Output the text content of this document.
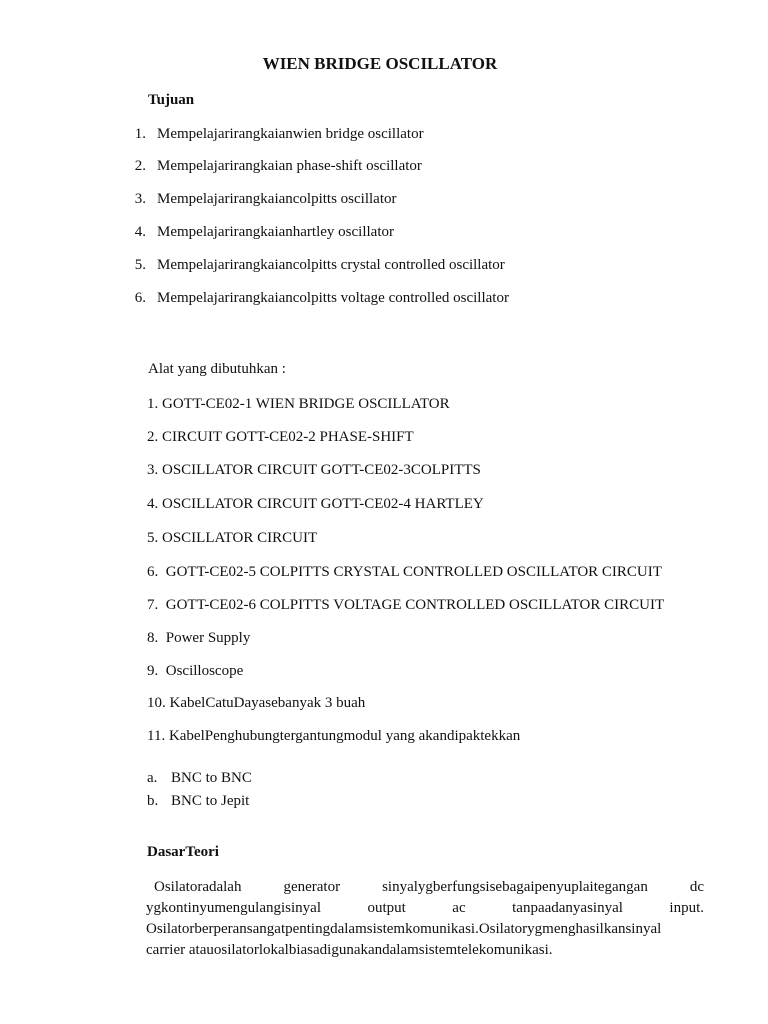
WIEN BRIDGE OSCILLATOR
Tujuan
1. Mempelajarirangkaianwien bridge oscillator
2. Mempelajarirangkaian phase-shift oscillator
3. Mempelajarirangkaiancolpitts oscillator
4. Mempelajarirangkaianhartley oscillator
5. Mempelajarirangkaiancolpitts crystal controlled oscillator
6. Mempelajarirangkaiancolpitts voltage controlled oscillator
Alat yang dibutuhkan :
1. GOTT-CE02-1 WIEN BRIDGE OSCILLATOR
2. CIRCUIT GOTT-CE02-2 PHASE-SHIFT
3. OSCILLATOR CIRCUIT GOTT-CE02-3COLPITTS
4. OSCILLATOR CIRCUIT GOTT-CE02-4 HARTLEY
5. OSCILLATOR CIRCUIT
6.  GOTT-CE02-5 COLPITTS CRYSTAL CONTROLLED OSCILLATOR CIRCUIT
7.  GOTT-CE02-6 COLPITTS VOLTAGE CONTROLLED OSCILLATOR CIRCUIT
8.  Power Supply
9.  Oscilloscope
10. KabelCatuDayasebanyak 3 buah
11. KabelPenghubungtergantungmodul yang akandipaktekkan
a. BNC to BNC
b. BNC to Jepit
DasarTeori
Osilatoradalah generator sinyalygberfungsisebagaipenyuplaitegangan dc
ygkontinyumengulangisinyal output ac tanpaadanyasinyal input.
Osilatorberperansangatpentingdalamsistemkomunikasi.Osilatorygmenghasilkansinyal
carrier atauosilatorlokalbiasadigunakandalamsistemtelekomunikasi.
